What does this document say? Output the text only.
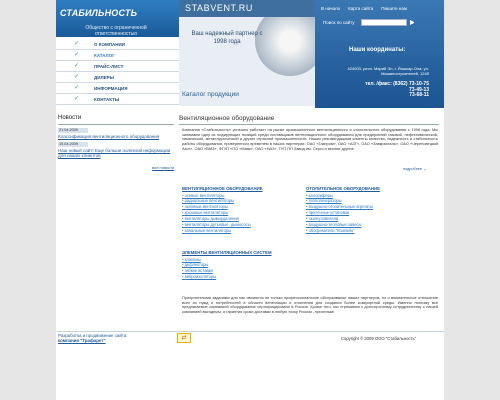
СТАБИЛЬНОСТЬ
Общество с ограниченной ответственностью
STABVENT.RU
Ваш надежный партнер с 1998 года
Каталог продукции
В начало Карта сайта Пишите нам
Поиск по сайту
Наши координаты:
424003, респ. Марий Эл, г. Йошкар-Ола, ул. Машиностроителей, 124б
тел. /факс: (8362) 73-10-75
73-49-13
73-68-11
✓	О КОМПАНИИ
✓	КАТАЛОГ
✓	ПРАЙС-ЛИСТ
✓	ДИЛЕРЫ
✓	ИНФОРМАЦИЯ
✓	КОНТАКТЫ
Новости
21.04.2009
Классификация вентиляционного оборудования
10.04.2009
Наш новый сайт! Еще больше полезной информации для наших клиентов
все новости
Вентиляционное оборудование
Компания «Стабильность» успешно работает на рынке промышленного вентиляционного и отопительного оборудования с 1998 года. Мы занимаем одну из лидирующих позиций среди поставщиков вентиляционного оборудования для предприятий газовой, нефтехимической, химической, металлургической и других отраслей промышленности. Наших рекомендациям клиенты качество, надежность и стабильность работы оборудования, проверенного временем в наших партнерах: ОАО «Газпром», ОАО «АЗТ», ОАО «Завкрасталь», ОАО «Череповецкий Азот», ОАО «ВМЗ», ФГУП «ПО «Маяк», ОАО «НАЗ», ГУП ПП Завод им. Серго и многие другие.
подробнее →
ВЕНТИЛЯЦИОННОЕ ОБОРУДОВАНИЕ
• осевые вентиляторы
• радиальные вентиляторы
• пылевые вентиляторы
• крышные вентиляторы
• вентиляторы дымоудаления
• вентиляторы дутьевые, дымососы
• канальные вентиляторы
ОТОПИТЕЛЬНОЕ ОБОРУДОВАНИЕ
• калориферы
• теплогенераторы
• воздушно-отопительные агрегаты
• приточные установки
• пылеуловители
• воздушно-тепловые завесы
• обогреватели "Ксилайн"
ЭЛЕМЕНТЫ ВЕНТИЛЯЦИОННЫХ СИСТЕМ
• клапаны
• дефлекторы
• гибкие вставки
• виброизоляторы
Приоритетными задачами для нас являются не только профессиональное обслуживание наших партнеров, но и внимательное отношение всех их нужд и потребностей в области вентиляции и отопления для создания более комфортной среды. Именно поэтому все предлагаемое компанией оборудование сертифицировано в России. Кроме того, мы стремимся к долгосрочному сотрудничеству с нашей компанией выгодным, а гарантия сроки доставки в любую точку России - приятным!
Разработка и продвижение сайта:
компания "Трафарет"	⇄	Copyright © 2009 ООО "Стабильность"
